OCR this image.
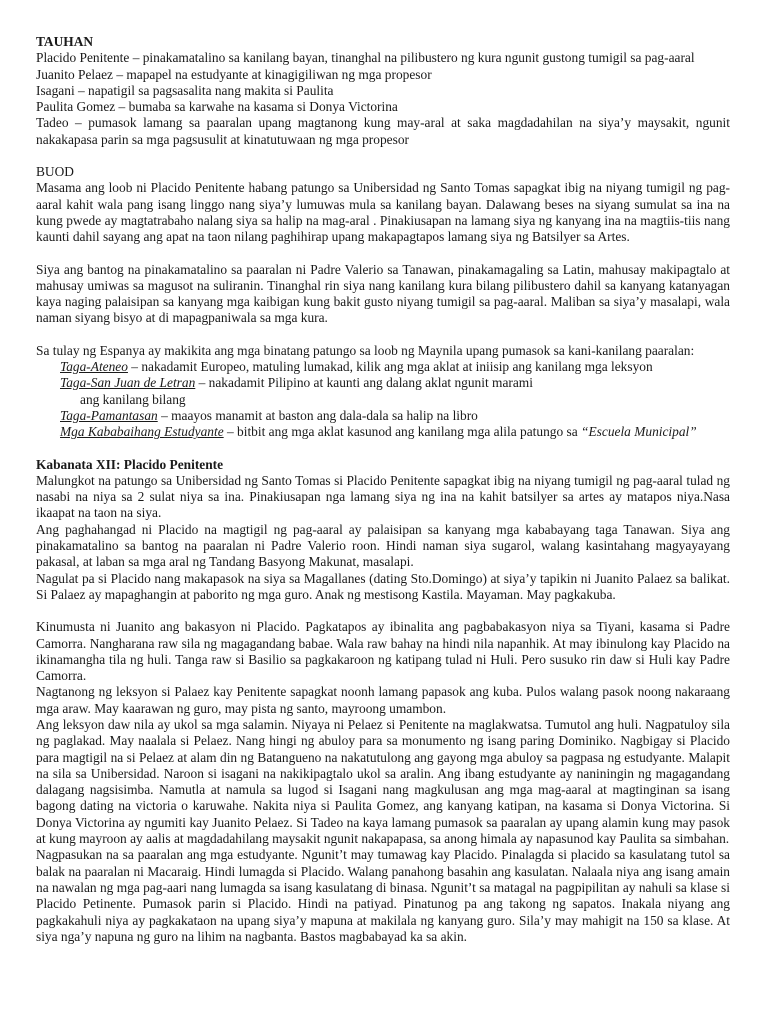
TAUHAN
Placido Penitente – pinakamatalino sa kanilang bayan, tinanghal na pilibustero ng kura ngunit gustong tumigil sa pag-aaral
Juanito Pelaez – mapapel na estudyante at kinagigiliwan ng mga propesor
Isagani – napatigil sa pagsasalita nang makita si Paulita
Paulita Gomez – bumaba sa karwahe na kasama si Donya Victorina
Tadeo – pumasok lamang sa paaralan upang magtanong kung may-aral at saka magdadahilan na siya’y maysakit, ngunit nakakapasa parin sa mga pagsusulit at kinatutuwaan ng mga propesor
BUOD
Masama ang loob ni Placido Penitente habang patungo sa Unibersidad ng Santo Tomas sapagkat ibig na niyang tumigil ng pag-aaral kahit wala pang isang linggo nang siya’y lumuwas mula sa kanilang bayan. Dalawang beses na siyang sumulat sa ina na kung pwede ay magtatrabaho nalang siya sa halip na mag-aral . Pinakiusapan na lamang siya ng kanyang ina na magtiis-tiis nang kaunti dahil sayang ang apat na taon nilang paghihirap upang makapagtapos lamang siya ng Batsilyer sa Artes.
Siya ang bantog na pinakamatalino sa paaralan ni Padre Valerio sa Tanawan, pinakamagaling sa Latin, mahusay makipagtalo at mahusay umiwas sa magusot na suliranin. Tinanghal rin siya nang kanilang kura bilang pilibustero dahil sa kanyang katanyagan kaya naging palaisipan sa kanyang mga kaibigan kung bakit gusto niyang tumigil sa pag-aaral. Maliban sa siya’y masalapi, wala naman siyang bisyo at di mapagpaniwala sa mga kura.
Sa tulay ng Espanya ay makikita ang mga binatang patungo sa loob ng Maynila upang pumasok sa kani-kanilang paaralan:
Taga-Ateneo – nakadamit Europeo, matuling lumakad, kilik ang mga aklat at iniisip ang kanilang mga leksyon
Taga-San Juan de Letran – nakadamit Pilipino at kaunti ang dalang aklat ngunit marami
ang kanilang bilang
Taga-Pamantasan – maayos manamit at baston ang dala-dala sa halip na libro
Mga Kababaihang Estudyante – bitbit ang mga aklat kasunod ang kanilang mga alila patungo sa “Escuela Municipal”
Kabanata XII: Placido Penitente
Malungkot na patungo sa Unibersidad ng Santo Tomas si Placido Penitente sapagkat ibig na niyang tumigil ng pag-aaral tulad ng nasabi na niya sa 2 sulat niya sa ina. Pinakiusapan nga lamang siya ng ina na kahit batsilyer sa artes ay matapos niya.Nasa ikaapat na taon na siya.
Ang paghahangad ni Placido na magtigil ng pag-aaral ay palaisipan sa kanyang mga kababayang taga Tanawan. Siya ang pinakamatalino sa bantog na paaralan ni Padre Valerio roon. Hindi naman siya sugarol, walang kasintahang magyayayang pakasal, at laban sa mga aral ng Tandang Basyong Makunat, masalapi.
Nagulat pa si Placido nang makapasok na siya sa Magallanes (dating Sto.Domingo) at siya’y tapikin ni Juanito Palaez sa balikat. Si Palaez ay mapaghangin at paborito ng mga guro. Anak ng mestisong Kastila. Mayaman. May pagkakuba.
Kinumusta ni Juanito ang bakasyon ni Placido. Pagkatapos ay ibinalita ang pagbabakasyon niya sa Tiyani, kasama si Padre Camorra. Nangharana raw sila ng magagandang babae. Wala raw bahay na hindi nila napanhik. At may ibinulong kay Placido na ikinamangha tila ng huli. Tanga raw si Basilio sa pagkakaroon ng katipang tulad ni Huli. Pero susuko rin daw si Huli kay Padre Camorra.
Nagtanong ng leksyon si Palaez kay Penitente sapagkat noonh lamang papasok ang kuba. Pulos walang pasok noong nakaraang mga araw. May kaarawan ng guro, may pista ng santo, mayroong umambon.
Ang leksyon daw nila ay ukol sa mga salamin. Niyaya ni Pelaez si Penitente na maglakwatsa. Tumutol ang huli. Nagpatuloy sila ng paglakad. May naalala si Pelaez. Nang hingi ng abuloy para sa monumento ng isang paring Dominiko. Nagbigay si Placido para magtigil na si Pelaez at alam din ng Batangueno na nakatutulong ang gayong mga abuloy sa pagpasa ng estudyante. Malapit na sila sa Unibersidad. Naroon si isagani na nakikipagtalo ukol sa aralin. Ang ibang estudyante ay naniningin ng magagandang dalagang nagsisimba. Namutla at namula sa lugod si Isagani nang magkulusan ang mga mag-aaral at magtinginan sa isang bagong dating na victoria o karuwahe. Nakita niya si Paulita Gomez, ang kanyang katipan, na kasama si Donya Victorina. Si Donya Victorina ay ngumiti kay Juanito Pelaez. Si Tadeo na kaya lamang pumasok sa paaralan ay upang alamin kung may pasok at kung mayroon ay aalis at magdadahilang maysakit ngunit nakapapasa, sa anong himala ay napasunod kay Paulita sa simbahan.
Nagpasukan na sa paaralan ang mga estudyante. Ngunit’t may tumawag kay Placido. Pinalagda si placido sa kasulatang tutol sa balak na paaralan ni Macaraig. Hindi lumagda si Placido. Walang panahong basahin ang kasulatan. Nalaala niya ang isang amain na nawalan ng mga pag-aari nang lumagda sa isang kasulatang di binasa. Ngunit’t sa matagal na pagpipilitan ay nahuli sa klase si Placido Petinente. Pumasok parin si Placido. Hindi na patiyad. Pinatunog pa ang takong ng sapatos. Inakala niyang ang pagkakahuli niya ay pagkakataon na upang siya’y mapuna at makilala ng kanyang guro. Sila’y may mahigit na 150 sa klase. At siya nga’y napuna ng guro na lihim na nagbanta. Bastos magbabayad ka sa akin.
